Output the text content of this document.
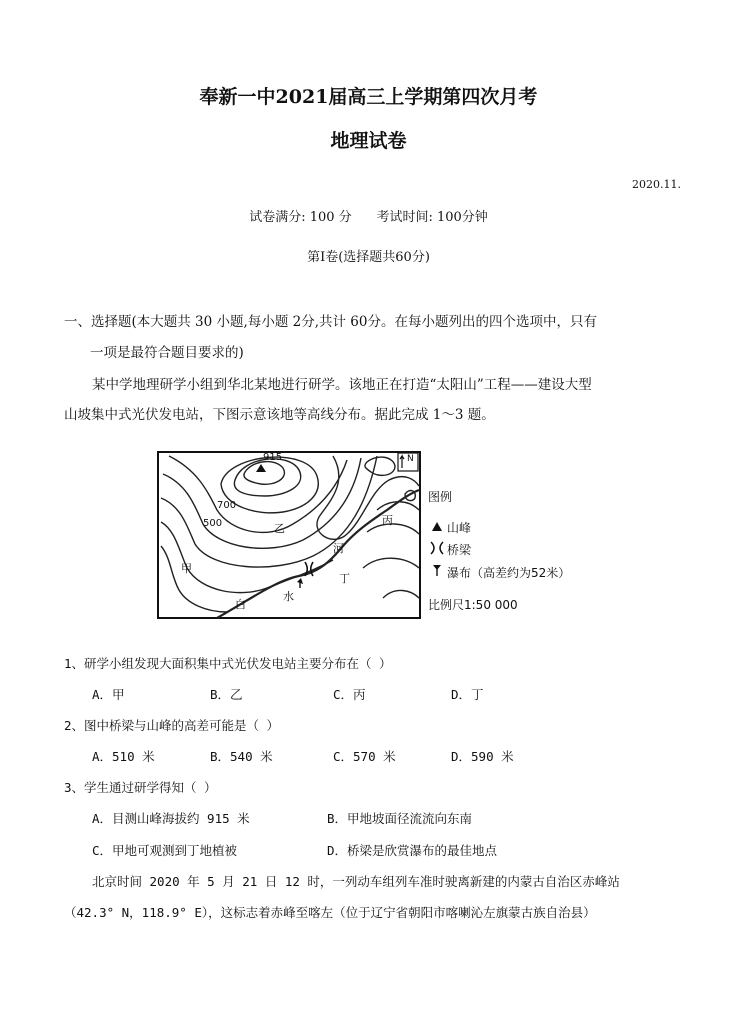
奉新一中2021届高三上学期第四次月考
地理试卷
2020.11.
试卷满分: 100 分      考试时间: 100分钟
第Ⅰ卷(选择题共60分)
一、选择题(本大题共 30 小题,每小题 2分,共计 60分。在每小题列出的四个选项中，只有
一项是最符合题目要求的)
某中学地理研学小组到华北某地进行研学。该地正在打造“太阳山”工程——建设大型
山坡集中式光伏发电站，下图示意该地等高线分布。据此完成 1～3 题。
915
700
500
N
甲
乙
丙
丁
白
水
河
图例
山峰
桥梁
瀑布（高差约为52米）
比例尺1:50 000
1、研学小组发现大面积集中式光伏发电站主要分布在（ ）
A．甲	B．乙	C．丙	D．丁
2、图中桥梁与山峰的高差可能是（ ）
A．510 米	B．540 米	C．570 米	D．590 米
3、学生通过研学得知（ ）
A．目测山峰海拔约 915 米	B．甲地坡面径流流向东南
C．甲地可观测到丁地植被	D．桥梁是欣赏瀑布的最佳地点
北京时间 2020 年 5 月 21 日 12 时，一列动车组列车准时驶离新建的内蒙古自治区赤峰站
（42.3° N，118.9° E），这标志着赤峰至喀左（位于辽宁省朝阳市喀喇沁左旗蒙古族自治县）
